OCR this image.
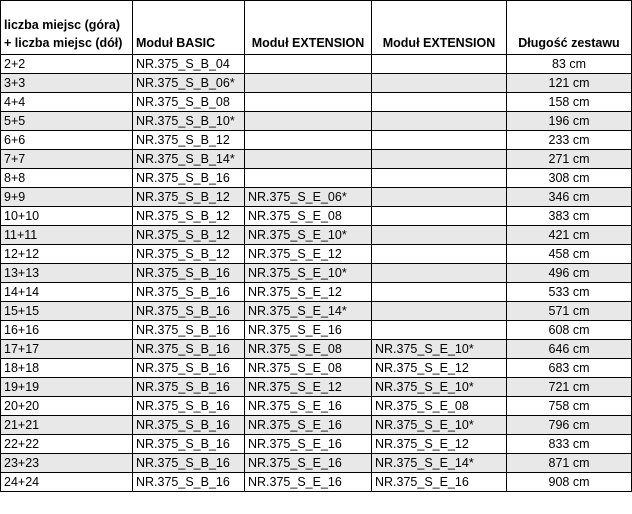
liczba miejsc (góra)
+ liczba miejsc (dół)	Moduł BASIC	Moduł EXTENSION	Moduł EXTENSION	Długość zestawu
2+2	NR.375_S_B_04			83 cm
3+3	NR.375_S_B_06*			121 cm
4+4	NR.375_S_B_08			158 cm
5+5	NR.375_S_B_10*			196 cm
6+6	NR.375_S_B_12			233 cm
7+7	NR.375_S_B_14*			271 cm
8+8	NR.375_S_B_16			308 cm
9+9	NR.375_S_B_12	NR.375_S_E_06*		346 cm
10+10	NR.375_S_B_12	NR.375_S_E_08		383 cm
11+11	NR.375_S_B_12	NR.375_S_E_10*		421 cm
12+12	NR.375_S_B_12	NR.375_S_E_12		458 cm
13+13	NR.375_S_B_16	NR.375_S_E_10*		496 cm
14+14	NR.375_S_B_16	NR.375_S_E_12		533 cm
15+15	NR.375_S_B_16	NR.375_S_E_14*		571 cm
16+16	NR.375_S_B_16	NR.375_S_E_16		608 cm
17+17	NR.375_S_B_16	NR.375_S_E_08	NR.375_S_E_10*	646 cm
18+18	NR.375_S_B_16	NR.375_S_E_08	NR.375_S_E_12	683 cm
19+19	NR.375_S_B_16	NR.375_S_E_12	NR.375_S_E_10*	721 cm
20+20	NR.375_S_B_16	NR.375_S_E_16	NR.375_S_E_08	758 cm
21+21	NR.375_S_B_16	NR.375_S_E_16	NR.375_S_E_10*	796 cm
22+22	NR.375_S_B_16	NR.375_S_E_16	NR.375_S_E_12	833 cm
23+23	NR.375_S_B_16	NR.375_S_E_16	NR.375_S_E_14*	871 cm
24+24	NR.375_S_B_16	NR.375_S_E_16	NR.375_S_E_16	908 cm
